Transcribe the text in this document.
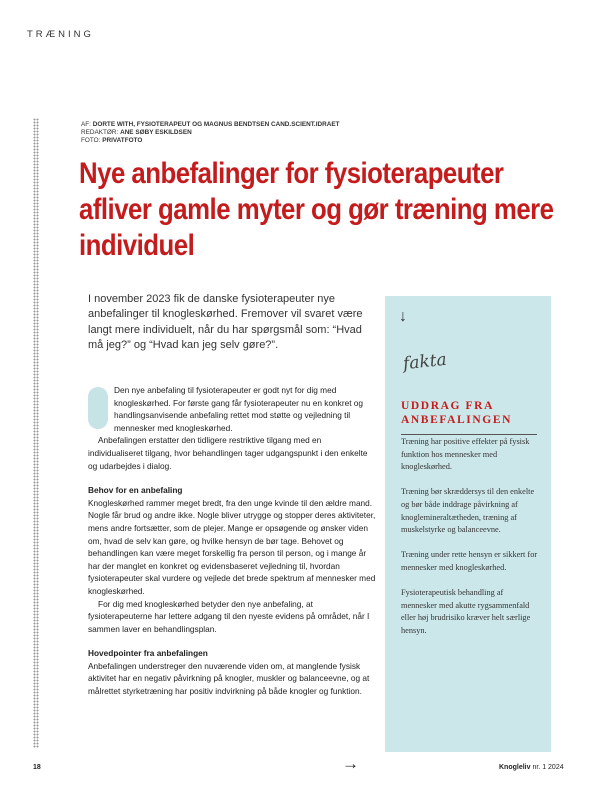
TRÆNING
AF: DORTE WITH, FYSIOTERAPEUT OG MAGNUS BENDTSEN CAND.SCIENT.IDRAET
REDAKTØR: ANE SØBY ESKILDSEN
FOTO: PRIVATFOTO
Nye anbefalinger for fysioterapeuter afliver gamle myter og gør træning mere individuel

I november 2023 fik de danske fysioterapeuter nye anbefalinger til knogleskørhed. Fremover vil svaret være langt mere individuelt, når du har spørgsmål som: “Hvad må jeg?” og “Hvad kan jeg selv gøre?”.

Den nye anbefaling til fysioterapeuter er godt nyt for dig med knogleskørhed. For første gang får fysioterapeuter nu en konkret og handlingsanvisende anbefaling rettet mod støtte og vejledning til mennesker med knogleskørhed.

Anbefalingen erstatter den tidligere restriktive tilgang med en individualiseret tilgang, hvor behandlingen tager udgangspunkt i den enkelte og udarbejdes i dialog.

Behov for en anbefaling

Knogleskørhed rammer meget bredt, fra den unge kvinde til den ældre mand. Nogle får brud og andre ikke. Nogle bliver utrygge og stopper deres aktiviteter, mens andre fortsætter, som de plejer. Mange er opsøgende og ønsker viden om, hvad de selv kan gøre, og hvilke hensyn de bør tage. Behovet og behandlingen kan være meget forskellig fra person til person, og i mange år har der manglet en konkret og evidensbaseret vejledning til, hvordan fysioterapeuter skal vurdere og vejlede det brede spektrum af mennesker med knogleskørhed.

For dig med knogleskørhed betyder den nye anbefaling, at fysioterapeuterne har lettere adgang til den nyeste evidens på området, når I sammen laver en behandlingsplan.

Hovedpointer fra anbefalingen

Anbefalingen understreger den nuværende viden om, at manglende fysisk aktivitet har en negativ påvirkning på knogler, muskler og balanceevne, og at målrettet styrketræning har positiv indvirkning på både knogler og funktion.

↓
fakta
UDDRAG FRA ANBEFALINGEN

Træning har positive effekter på fysisk funktion hos mennesker med knogleskørhed.

Træning bør skræddersys til den enkelte og bør både inddrage påvirkning af knoglemineraltætheden, træning af muskelstyrke og balanceevne.

Træning under rette hensyn er sikkert for mennesker med knogleskørhed.

Fysioterapeutisk behandling af mennesker med akutte rygsammenfald eller høj brudrisiko kræver helt særlige hensyn.

18	→	Knogleliv nr. 1 2024
